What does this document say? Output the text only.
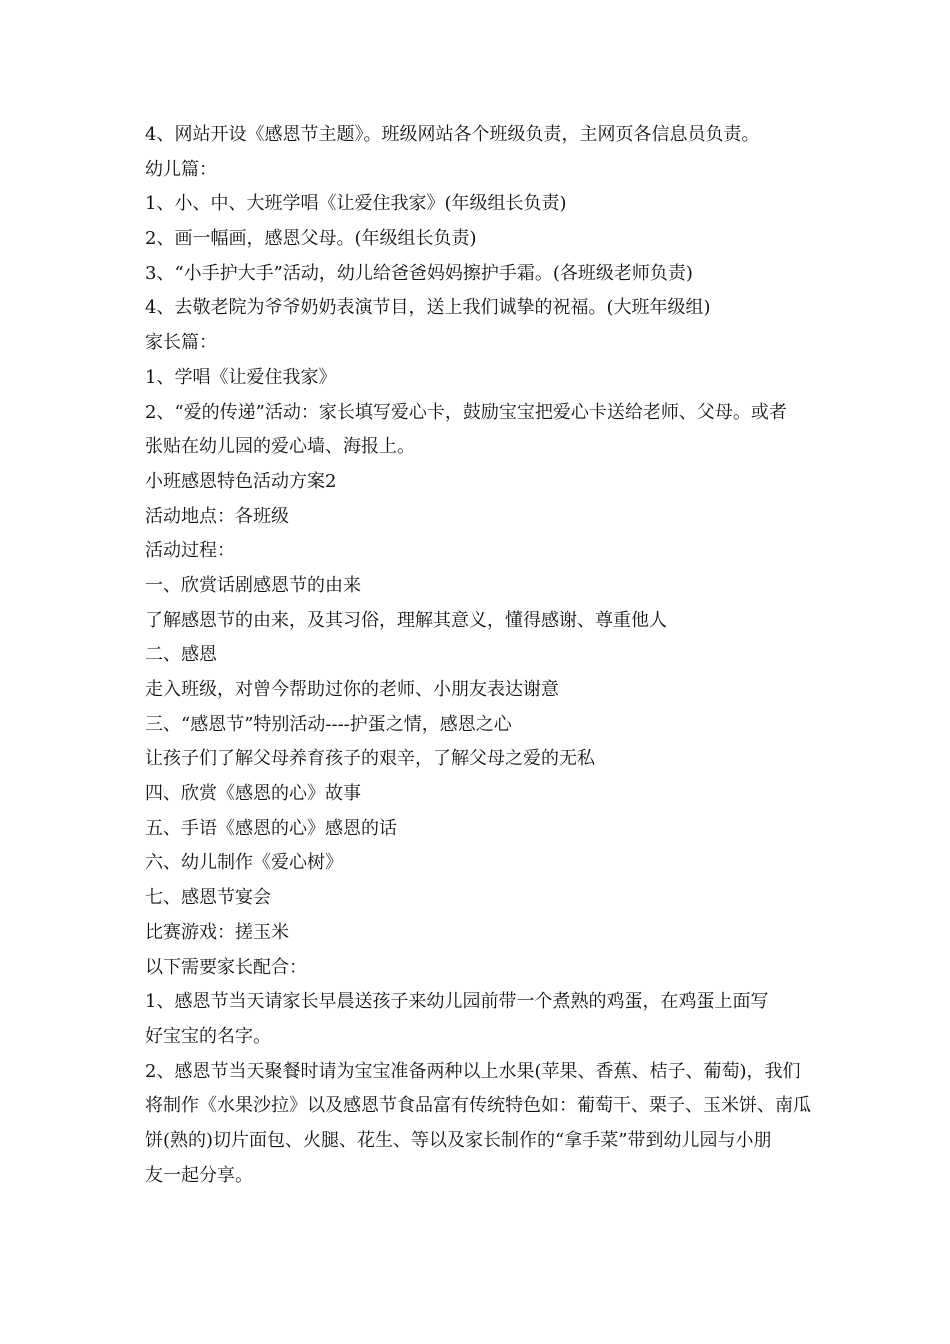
4、网站开设《感恩节主题》。班级网站各个班级负责，主网页各信息员负责。
幼儿篇：
1、小、中、大班学唱《让爱住我家》(年级组长负责)
2、画一幅画，感恩父母。(年级组长负责)
3、“小手护大手”活动，幼儿给爸爸妈妈擦护手霜。(各班级老师负责)
4、去敬老院为爷爷奶奶表演节目，送上我们诚挚的祝福。(大班年级组)
家长篇：
1、学唱《让爱住我家》
2、“爱的传递”活动：家长填写爱心卡，鼓励宝宝把爱心卡送给老师、父母。或者
张贴在幼儿园的爱心墙、海报上。
小班感恩特色活动方案2
活动地点：各班级
活动过程：
一、欣赏话剧感恩节的由来
了解感恩节的由来，及其习俗，理解其意义，懂得感谢、尊重他人
二、感恩
走入班级，对曾今帮助过你的老师、小朋友表达谢意
三、“感恩节”特别活动----护蛋之情，感恩之心
让孩子们了解父母养育孩子的艰辛，了解父母之爱的无私
四、欣赏《感恩的心》故事
五、手语《感恩的心》感恩的话
六、幼儿制作《爱心树》
七、感恩节宴会
比赛游戏：搓玉米
以下需要家长配合：
1、感恩节当天请家长早晨送孩子来幼儿园前带一个煮熟的鸡蛋，在鸡蛋上面写
好宝宝的名字。
2、感恩节当天聚餐时请为宝宝准备两种以上水果(苹果、香蕉、桔子、葡萄)，我们
将制作《水果沙拉》以及感恩节食品富有传统特色如：葡萄干、栗子、玉米饼、南瓜
饼(熟的)切片面包、火腿、花生、等以及家长制作的“拿手菜”带到幼儿园与小朋
友一起分享。
